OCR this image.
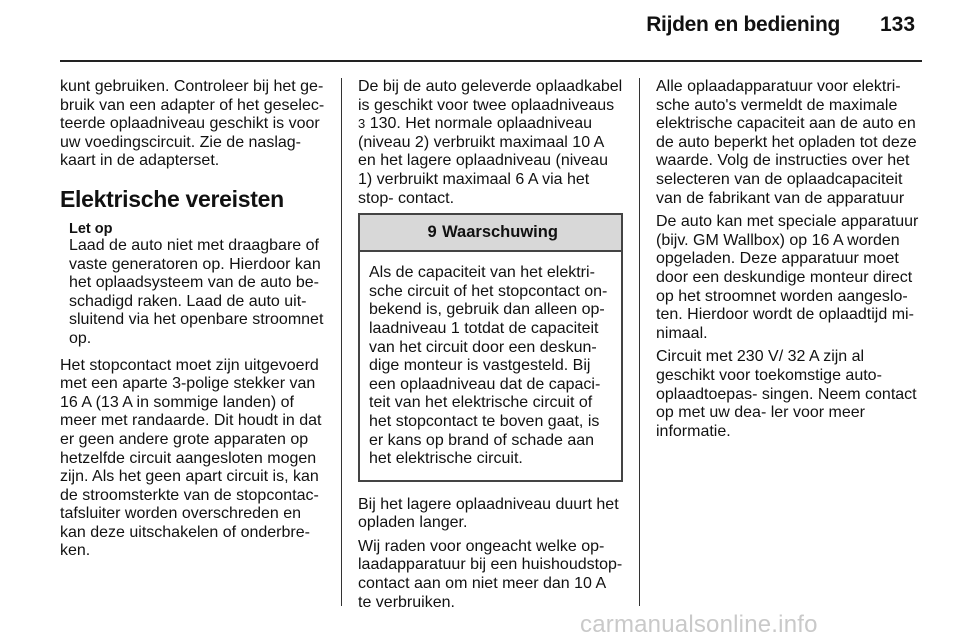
Rijden en bediening 133

kunt gebruiken. Controleer bij het ge- bruik van een adapter of het geselec- teerde oplaadniveau geschikt is voor uw voedingscircuit. Zie de naslag- kaart in de adapterset.

Elektrische vereisten
Let op
Laad de auto niet met draagbare of vaste generatoren op. Hierdoor kan het oplaadsysteem van de auto be- schadigd raken. Laad de auto uit- sluitend via het openbare stroomnet op.

Het stopcontact moet zijn uitgevoerd met een aparte 3-polige stekker van 16 A (13 A in sommige landen) of meer met randaarde. Dit houdt in dat er geen andere grote apparaten op hetzelfde circuit aangesloten mogen zijn. Als het geen apart circuit is, kan de stroomsterkte van de stopcontac- tafsluiter worden overschreden en kan deze uitschakelen of onderbre- ken.

De bij de auto geleverde oplaadkabel is geschikt voor twee oplaadniveaus 3 130. Het normale oplaadniveau (niveau 2) verbruikt maximaal 10 A en het lagere oplaadniveau (niveau 1) verbruikt maximaal 6 A via het stop- contact.

9 Waarschuwing
Als de capaciteit van het elektri- sche circuit of het stopcontact on- bekend is, gebruik dan alleen op- laadniveau 1 totdat de capaciteit van het circuit door een deskun- dige monteur is vastgesteld. Bij een oplaadniveau dat de capaci- teit van het elektrische circuit of het stopcontact te boven gaat, is er kans op brand of schade aan het elektrische circuit.

Bij het lagere oplaadniveau duurt het opladen langer.

Wij raden voor ongeacht welke op- laadapparatuur bij een huishoudstop- contact aan om niet meer dan 10 A te verbruiken.

Alle oplaadapparatuur voor elektri- sche auto's vermeldt de maximale elektrische capaciteit aan de auto en de auto beperkt het opladen tot deze waarde. Volg de instructies over het selecteren van de oplaadcapaciteit van de fabrikant van de apparatuur

De auto kan met speciale apparatuur (bijv. GM Wallbox) op 16 A worden opgeladen. Deze apparatuur moet door een deskundige monteur direct op het stroomnet worden aangeslo- ten. Hierdoor wordt de oplaadtijd mi- nimaal.

Circuit met 230 V/ 32 A zijn al geschikt voor toekomstige auto-oplaadtoepas- singen. Neem contact op met uw dea- ler voor meer informatie.

carmanualsonline.info
